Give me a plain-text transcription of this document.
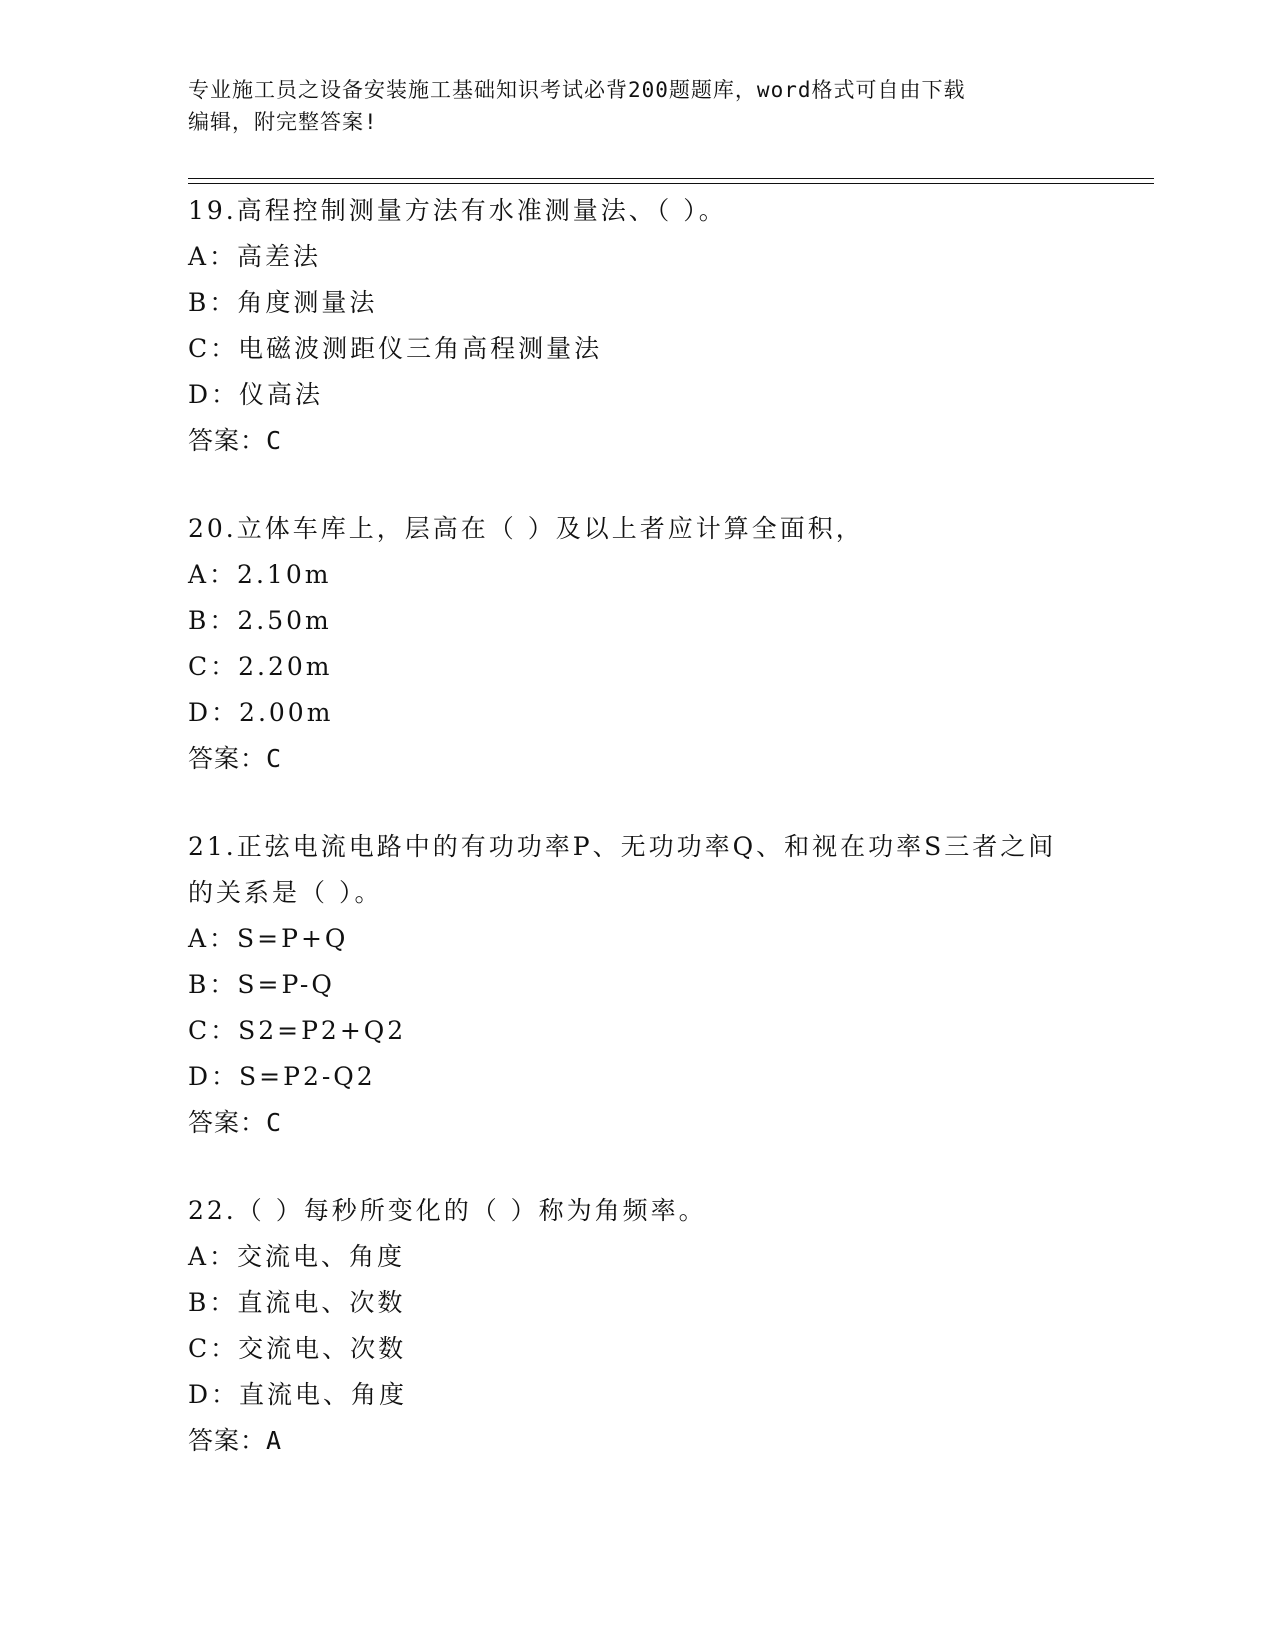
专业施工员之设备安装施工基础知识考试必背200题题库，word格式可自由下载
编辑，附完整答案!
19.高程控制测量方法有水准测量法、（ ）。
A：高差法
B：角度测量法
C：电磁波测距仪三角高程测量法
D：仪高法
答案：C
20.立体车库上，层高在（ ）及以上者应计算全面积，
A：2.10m
B：2.50m
C：2.20m
D：2.00m
答案：C
21.正弦电流电路中的有功功率P、无功功率Q、和视在功率S三者之间的关系是（ ）。
A：S=P+Q
B：S=P-Q
C：S2=P2+Q2
D：S=P2-Q2
答案：C
22.（ ）每秒所变化的（ ）称为角频率。
A：交流电、角度
B：直流电、次数
C：交流电、次数
D：直流电、角度
答案：A
